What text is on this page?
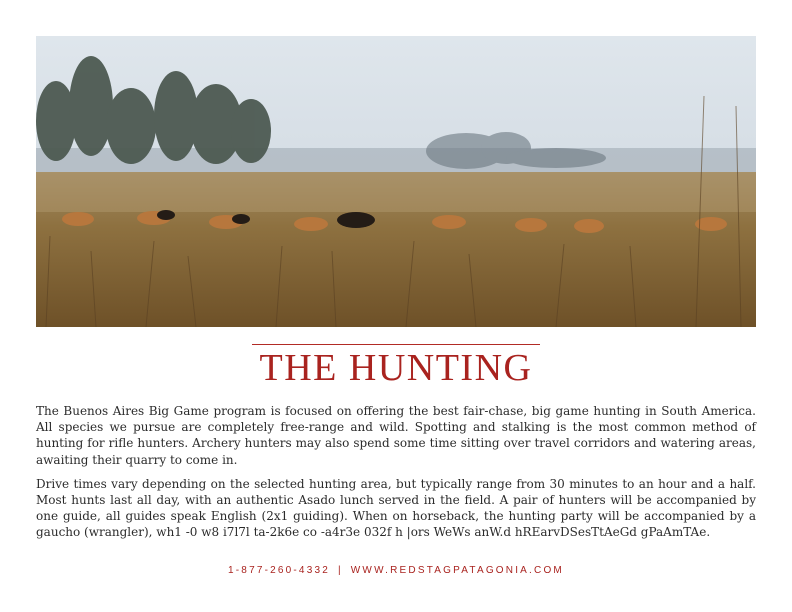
THE HUNTING

The Buenos Aires Big Game program is focused on offering the best fair-chase, big game hunting in South America. All species we pursue are completely free-range and wild. Spotting and stalking is the most common method of hunting for rifle hunters. Archery hunters may also spend some time sitting over travel corridors and watering areas, awaiting their quarry to come in.

Drive times vary depending on the selected hunting area, but typically range from 30 minutes to an hour and a half. Most hunts last all day, with an authentic Asado lunch served in the field. A pair of hunters will be accompanied by one guide, all guides speak English (2x1 guiding). When on horseback, the hunting party will be accompanied by a gaucho (wrangler), wh1 -0 w8 i7l7l ta-2k6e co -a4r3e 032f h |ors WeWs anW.d hREarvDSesTtAeGd gPaAmTAe.

1-877-260-4332 | WWW.REDSTAGPATAGONIA.COM
